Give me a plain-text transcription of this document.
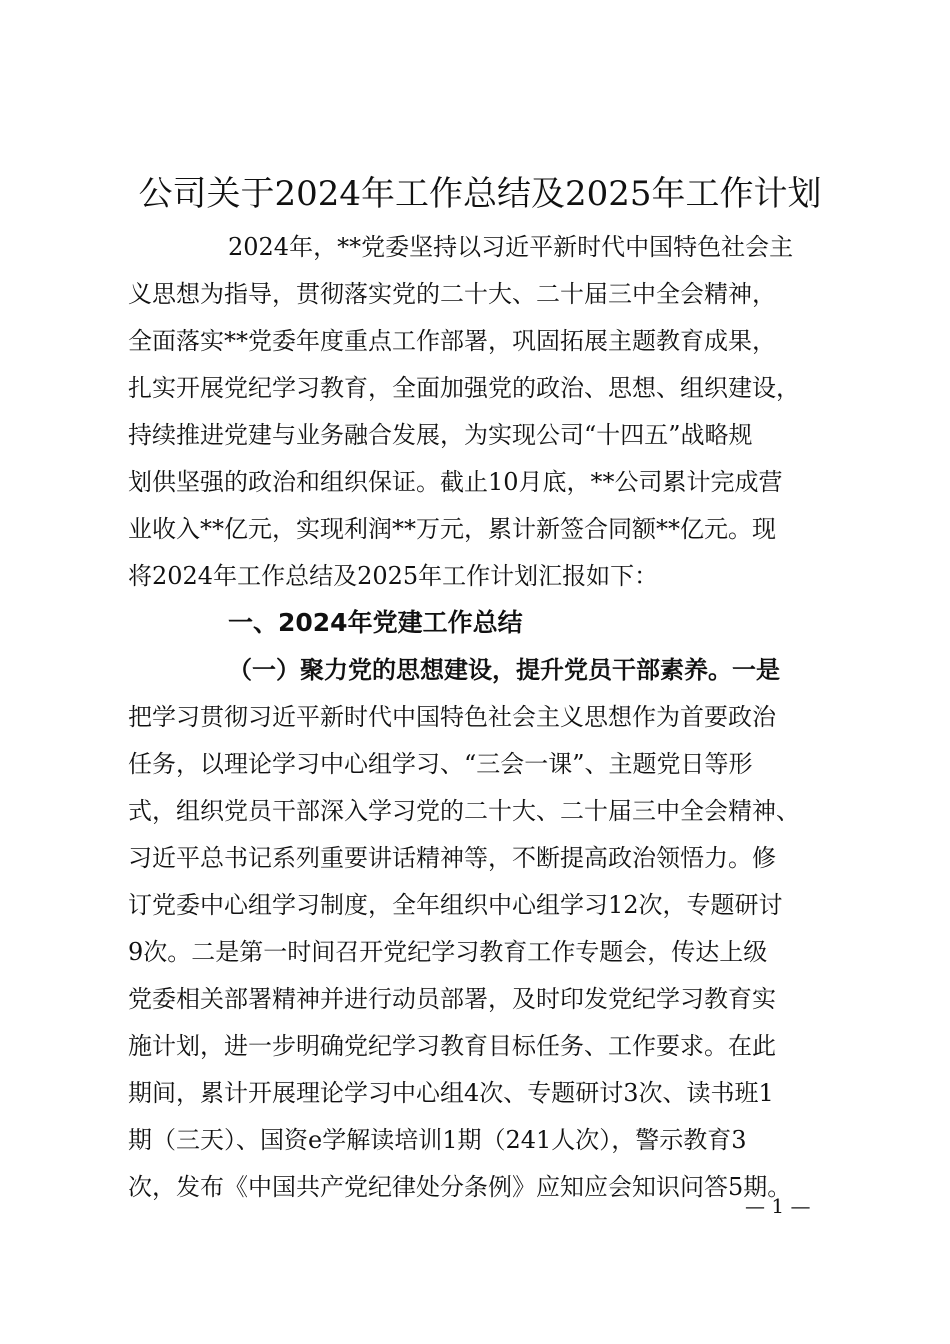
公司关于2024年工作总结及2025年工作计划
2024年，**党委坚持以习近平新时代中国特色社会主
义思想为指导，贯彻落实党的二十大、二十届三中全会精神，
全面落实**党委年度重点工作部署，巩固拓展主题教育成果，
扎实开展党纪学习教育，全面加强党的政治、思想、组织建设，
持续推进党建与业务融合发展，为实现公司“十四五”战略规
划供坚强的政治和组织保证。截止10月底，**公司累计完成营
业收入**亿元，实现利润**万元，累计新签合同额**亿元。现
将2024年工作总结及2025年工作计划汇报如下：
一、2024年党建工作总结
（一）聚力党的思想建设，提升党员干部素养。一是
把学习贯彻习近平新时代中国特色社会主义思想作为首要政治
任务，以理论学习中心组学习、“三会一课”、主题党日等形
式，组织党员干部深入学习党的二十大、二十届三中全会精神、
习近平总书记系列重要讲话精神等，不断提高政治领悟力。修
订党委中心组学习制度，全年组织中心组学习12次，专题研讨
9次。二是第一时间召开党纪学习教育工作专题会，传达上级
党委相关部署精神并进行动员部署，及时印发党纪学习教育实
施计划，进一步明确党纪学习教育目标任务、工作要求。在此
期间，累计开展理论学习中心组4次、专题研讨3次、读书班1
期（三天）、国资e学解读培训1期（241人次），警示教育3
次，发布《中国共产党纪律处分条例》应知应会知识问答5期。
— 1 —
